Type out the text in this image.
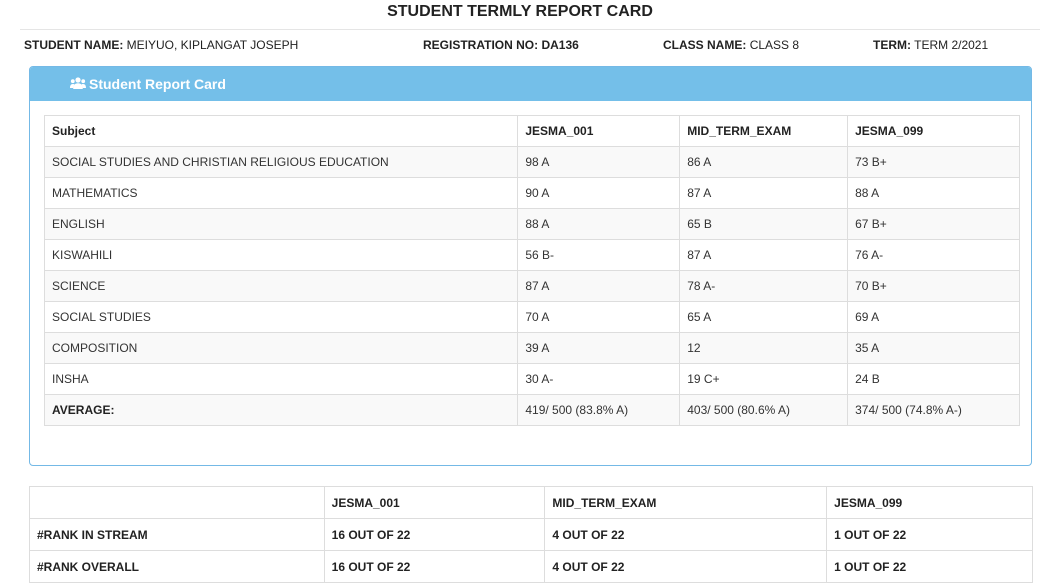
STUDENT TERMLY REPORT CARD
STUDENT NAME: MEIYUO, KIPLANGAT JOSEPH	REGISTRATION NO: DA136	CLASS NAME: CLASS 8	TERM: TERM 2/2021
Student Report Card
Subject	JESMA_001	MID_TERM_EXAM	JESMA_099
SOCIAL STUDIES AND CHRISTIAN RELIGIOUS EDUCATION	98 A	86 A	73 B+
MATHEMATICS	90 A	87 A	88 A
ENGLISH	88 A	65 B	67 B+
KISWAHILI	56 B-	87 A	76 A-
SCIENCE	87 A	78 A-	70 B+
SOCIAL STUDIES	70 A	65 A	69 A
COMPOSITION	39 A	12	35 A
INSHA	30 A-	19 C+	24 B
AVERAGE:	419/ 500 (83.8% A)	403/ 500 (80.6% A)	374/ 500 (74.8% A-)
	JESMA_001	MID_TERM_EXAM	JESMA_099
#RANK IN STREAM	16 OUT OF 22	4 OUT OF 22	1 OUT OF 22
#RANK OVERALL	16 OUT OF 22	4 OUT OF 22	1 OUT OF 22
